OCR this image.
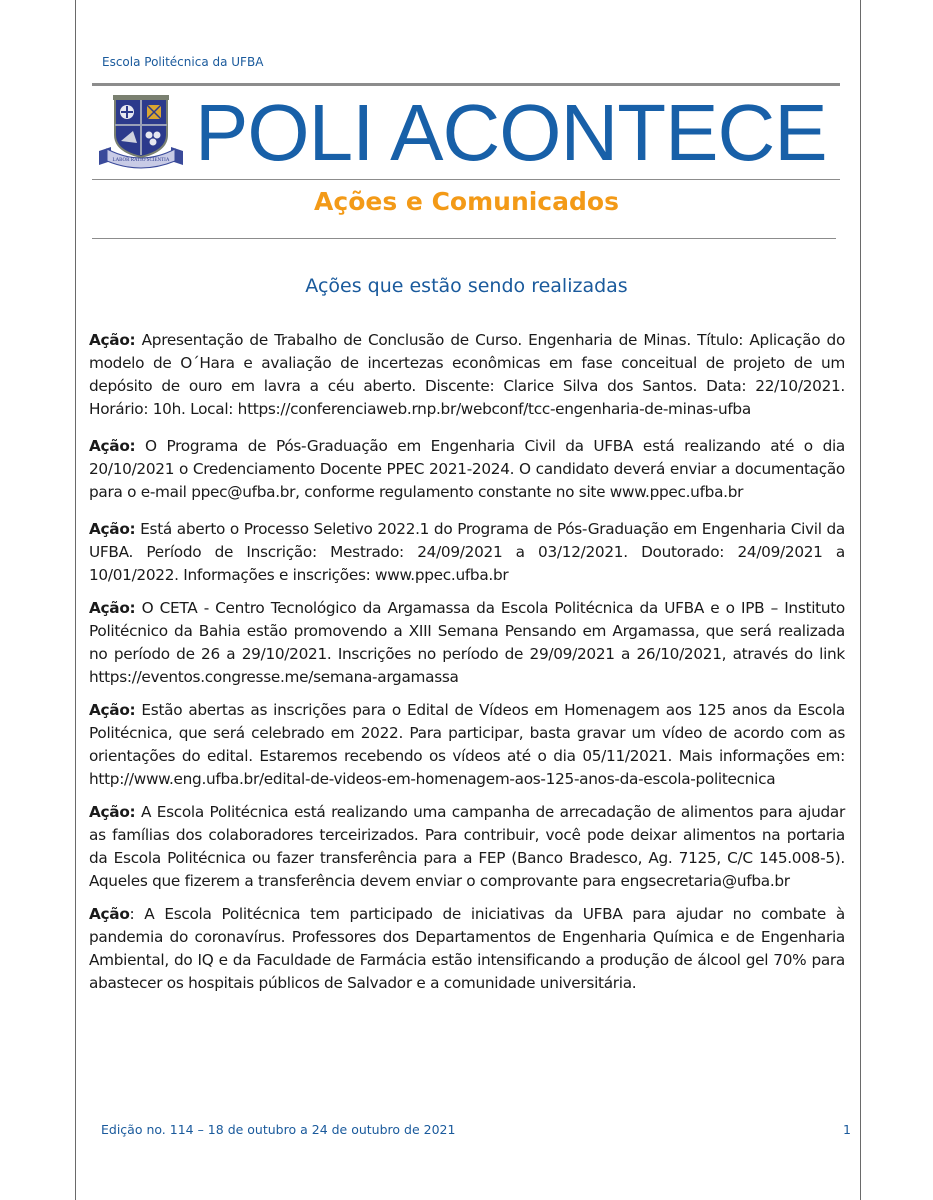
Escola Politécnica da UFBA
LABOR RATIO SCIENTIA POLI ACONTECE
Ações e Comunicados
Ações que estão sendo realizadas

Ação: Apresentação de Trabalho de Conclusão de Curso. Engenharia de Minas. Título: Aplicação do modelo de O´Hara e avaliação de incertezas econômicas em fase conceitual de projeto de um depósito de ouro em lavra a céu aberto. Discente: Clarice Silva dos Santos. Data: 22/10/2021. Horário: 10h. Local: https://conferenciaweb.rnp.br/webconf/tcc-engenharia-de-minas-ufba

Ação: O Programa de Pós-Graduação em Engenharia Civil da UFBA está realizando até o dia 20/10/2021 o Credenciamento Docente PPEC 2021-2024. O candidato deverá enviar a documentação para o e-mail ppec@ufba.br, conforme regulamento constante no site www.ppec.ufba.br

Ação: Está aberto o Processo Seletivo 2022.1 do Programa de Pós-Graduação em Engenharia Civil da UFBA. Período de Inscrição: Mestrado: 24/09/2021 a 03/12/2021. Doutorado: 24/09/2021 a 10/01/2022. Informações e inscrições: www.ppec.ufba.br

Ação: O CETA - Centro Tecnológico da Argamassa da Escola Politécnica da UFBA e o IPB – Instituto Politécnico da Bahia estão promovendo a XIII Semana Pensando em Argamassa, que será realizada no período de 26 a 29/10/2021. Inscrições no período de 29/09/2021 a 26/10/2021, através do link https://eventos.congresse.me/semana-argamassa

Ação: Estão abertas as inscrições para o Edital de Vídeos em Homenagem aos 125 anos da Escola Politécnica, que será celebrado em 2022. Para participar, basta gravar um vídeo de acordo com as orientações do edital. Estaremos recebendo os vídeos até o dia 05/11/2021. Mais informações em: http://www.eng.ufba.br/edital-de-videos-em-homenagem-aos-125-anos-da-escola-politecnica

Ação: A Escola Politécnica está realizando uma campanha de arrecadação de alimentos para ajudar as famílias dos colaboradores terceirizados. Para contribuir, você pode deixar alimentos na portaria da Escola Politécnica ou fazer transferência para a FEP (Banco Bradesco, Ag. 7125, C/C 145.008-5). Aqueles que fizerem a transferência devem enviar o comprovante para engsecretaria@ufba.br

Ação: A Escola Politécnica tem participado de iniciativas da UFBA para ajudar no combate à pandemia do coronavírus. Professores dos Departamentos de Engenharia Química e de Engenharia Ambiental, do IQ e da Faculdade de Farmácia estão intensificando a produção de álcool gel 70% para abastecer os hospitais públicos de Salvador e a comunidade universitária.

Edição no. 114 – 18 de outubro a 24 de outubro de 2021	1
